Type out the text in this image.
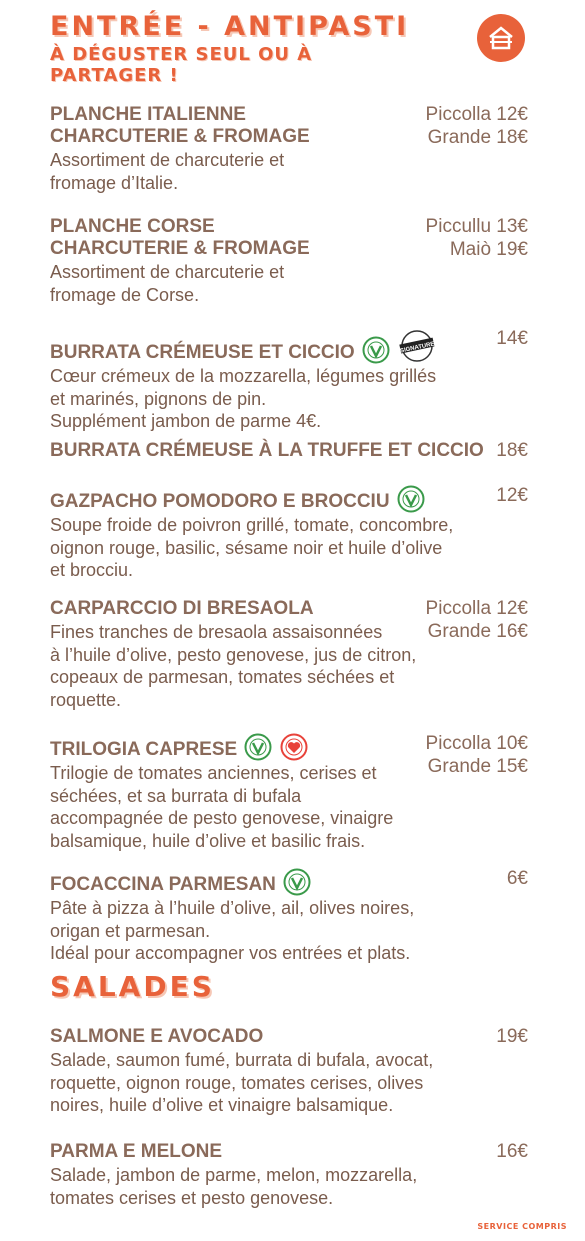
ENTRÉE - ANTIPASTI
À DÉGUSTER SEUL OU À PARTAGER !
PLANCHE ITALIENNE
CHARCUTERIE & FROMAGE
Assortiment de charcuterie et
fromage d’Italie.
Piccolla 12€
Grande 18€
PLANCHE CORSE
CHARCUTERIE & FROMAGE
Assortiment de charcuterie et
fromage de Corse.
Piccullu 13€
Maiò 19€
BURRATA CRÉMEUSE ET CICCIO	SIGNATURE
Cœur crémeux de la mozzarella, légumes grillés
et marinés, pignons de pin.
Supplément jambon de parme 4€.
14€
BURRATA CRÉMEUSE À LA TRUFFE ET CICCIO 18€
GAZPACHO POMODORO E BROCCIU
Soupe froide de poivron grillé, tomate, concombre,
oignon rouge, basilic, sésame noir et huile d’olive
et brocciu.
12€
CARPARCCIO DI BRESAOLA
Fines tranches de bresaola assaisonnées
à l’huile d’olive, pesto genovese, jus de citron,
copeaux de parmesan, tomates séchées et
roquette.
Piccolla 12€
Grande 16€
TRILOGIA CAPRESE
Trilogie de tomates anciennes, cerises et
séchées, et sa burrata di bufala
accompagnée de pesto genovese, vinaigre
balsamique, huile d’olive et basilic frais.
Piccolla 10€
Grande 15€
FOCACCINA PARMESAN
Pâte à pizza à l’huile d’olive, ail, olives noires,
origan et parmesan.
Idéal pour accompagner vos entrées et plats.
6€
SALADES
SALMONE E AVOCADO
Salade, saumon fumé, burrata di bufala, avocat,
roquette, oignon rouge, tomates cerises, olives
noires, huile d’olive et vinaigre balsamique.
19€
PARMA E MELONE
Salade, jambon de parme, melon, mozzarella,
tomates cerises et pesto genovese.
16€
SERVICE COMPRIS
